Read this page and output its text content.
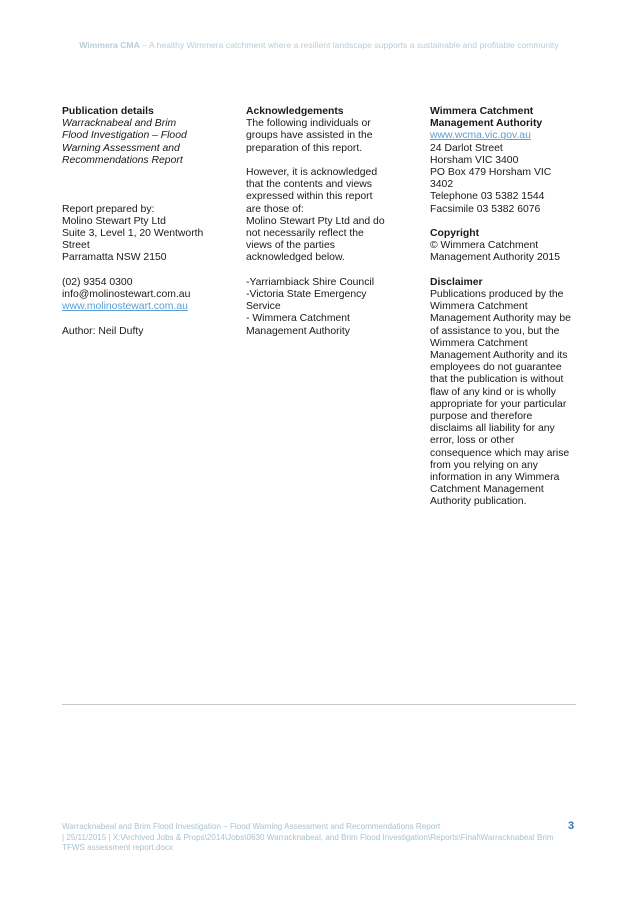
Wimmera CMA – A healthy Wimmera catchment where a resilient landscape supports a sustainable and profitable community
Publication details
Warracknabeal and Brim
Flood Investigation – Flood
Warning Assessment and
Recommendations Report
Report prepared by:
Molino Stewart Pty Ltd
Suite 3, Level 1, 20 Wentworth
Street
Parramatta NSW 2150
(02) 9354 0300
info@molinostewart.com.au
www.molinostewart.com.au
Author: Neil Dufty
Acknowledgements
The following individuals or
groups have assisted in the
preparation of this report.
However, it is acknowledged
that the contents and views
expressed within this report
are those of:
Molino Stewart Pty Ltd and do
not necessarily reflect the
views of the parties
acknowledged below.
-Yarriambiack Shire Council
-Victoria State Emergency
Service
- Wimmera Catchment
Management Authority
Wimmera Catchment
Management Authority
www.wcma.vic.gov.au
24 Darlot Street
Horsham VIC 3400
PO Box 479 Horsham VIC
3402
Telephone 03 5382 1544
Facsimile 03 5382 6076
Copyright
© Wimmera Catchment
Management Authority 2015
Disclaimer
Publications produced by the
Wimmera Catchment
Management Authority may be
of assistance to you, but the
Wimmera Catchment
Management Authority and its
employees do not guarantee
that the publication is without
flaw of any kind or is wholly
appropriate for your particular
purpose and therefore
disclaims all liability for any
error, loss or other
consequence which may arise
from you relying on any
information in any Wimmera
Catchment Management
Authority publication.
Warracknabeal and Brim Flood Investigation – Flood Warning Assessment and Recommendations Report
| 25/11/2015 | X:\Archived Jobs & Props\2014\Jobs\0630 Warracknabeal, and Brim Flood Investigation\Reports\Final\Warracknabeal Brim
TFWS assessment report.docx
3
